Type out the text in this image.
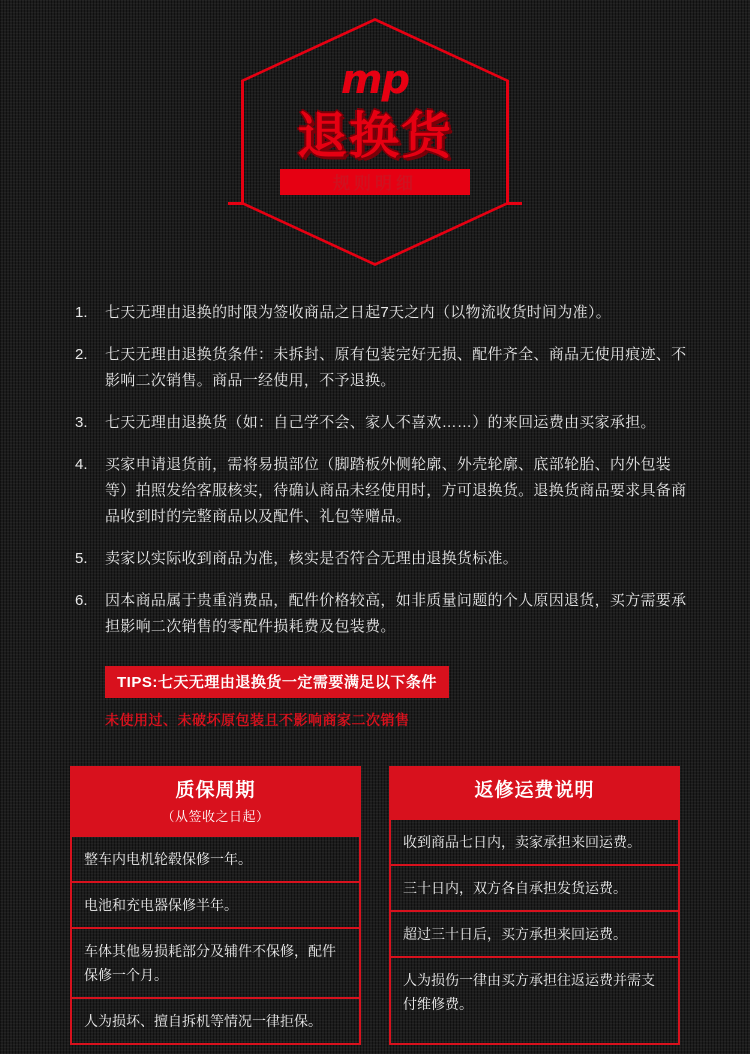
mp
退换货
规则明细
1.	七天无理由退换的时限为签收商品之日起7天之内（以物流收货时间为准）。
2.	七天无理由退换货条件：未拆封、原有包装完好无损、配件齐全、商品无使用痕迹、不影响二次销售。商品一经使用，不予退换。
3.	七天无理由退换货（如：自己学不会、家人不喜欢……）的来回运费由买家承担。
4.	买家申请退货前，需将易损部位（脚踏板外侧轮廓、外壳轮廓、底部轮胎、内外包装等）拍照发给客服核实，待确认商品未经使用时，方可退换货。退换货商品要求具备商品收到时的完整商品以及配件、礼包等赠品。
5.	卖家以实际收到商品为准，核实是否符合无理由退换货标准。
6.	因本商品属于贵重消费品，配件价格较高，如非质量问题的个人原因退货，买方需要承担影响二次销售的零配件损耗费及包装费。
TIPS:七天无理由退换货一定需要满足以下条件
未使用过、未破坏原包装且不影响商家二次销售
质保周期
（从签收之日起）
整车内电机轮毂保修一年。
电池和充电器保修半年。
车体其他易损耗部分及辅件不保修，配件保修一个月。
人为损坏、擅自拆机等情况一律拒保。
返修运费说明
收到商品七日内，卖家承担来回运费。
三十日内，双方各自承担发货运费。
超过三十日后，买方承担来回运费。
人为损伤一律由买方承担往返运费并需支付维修费。
